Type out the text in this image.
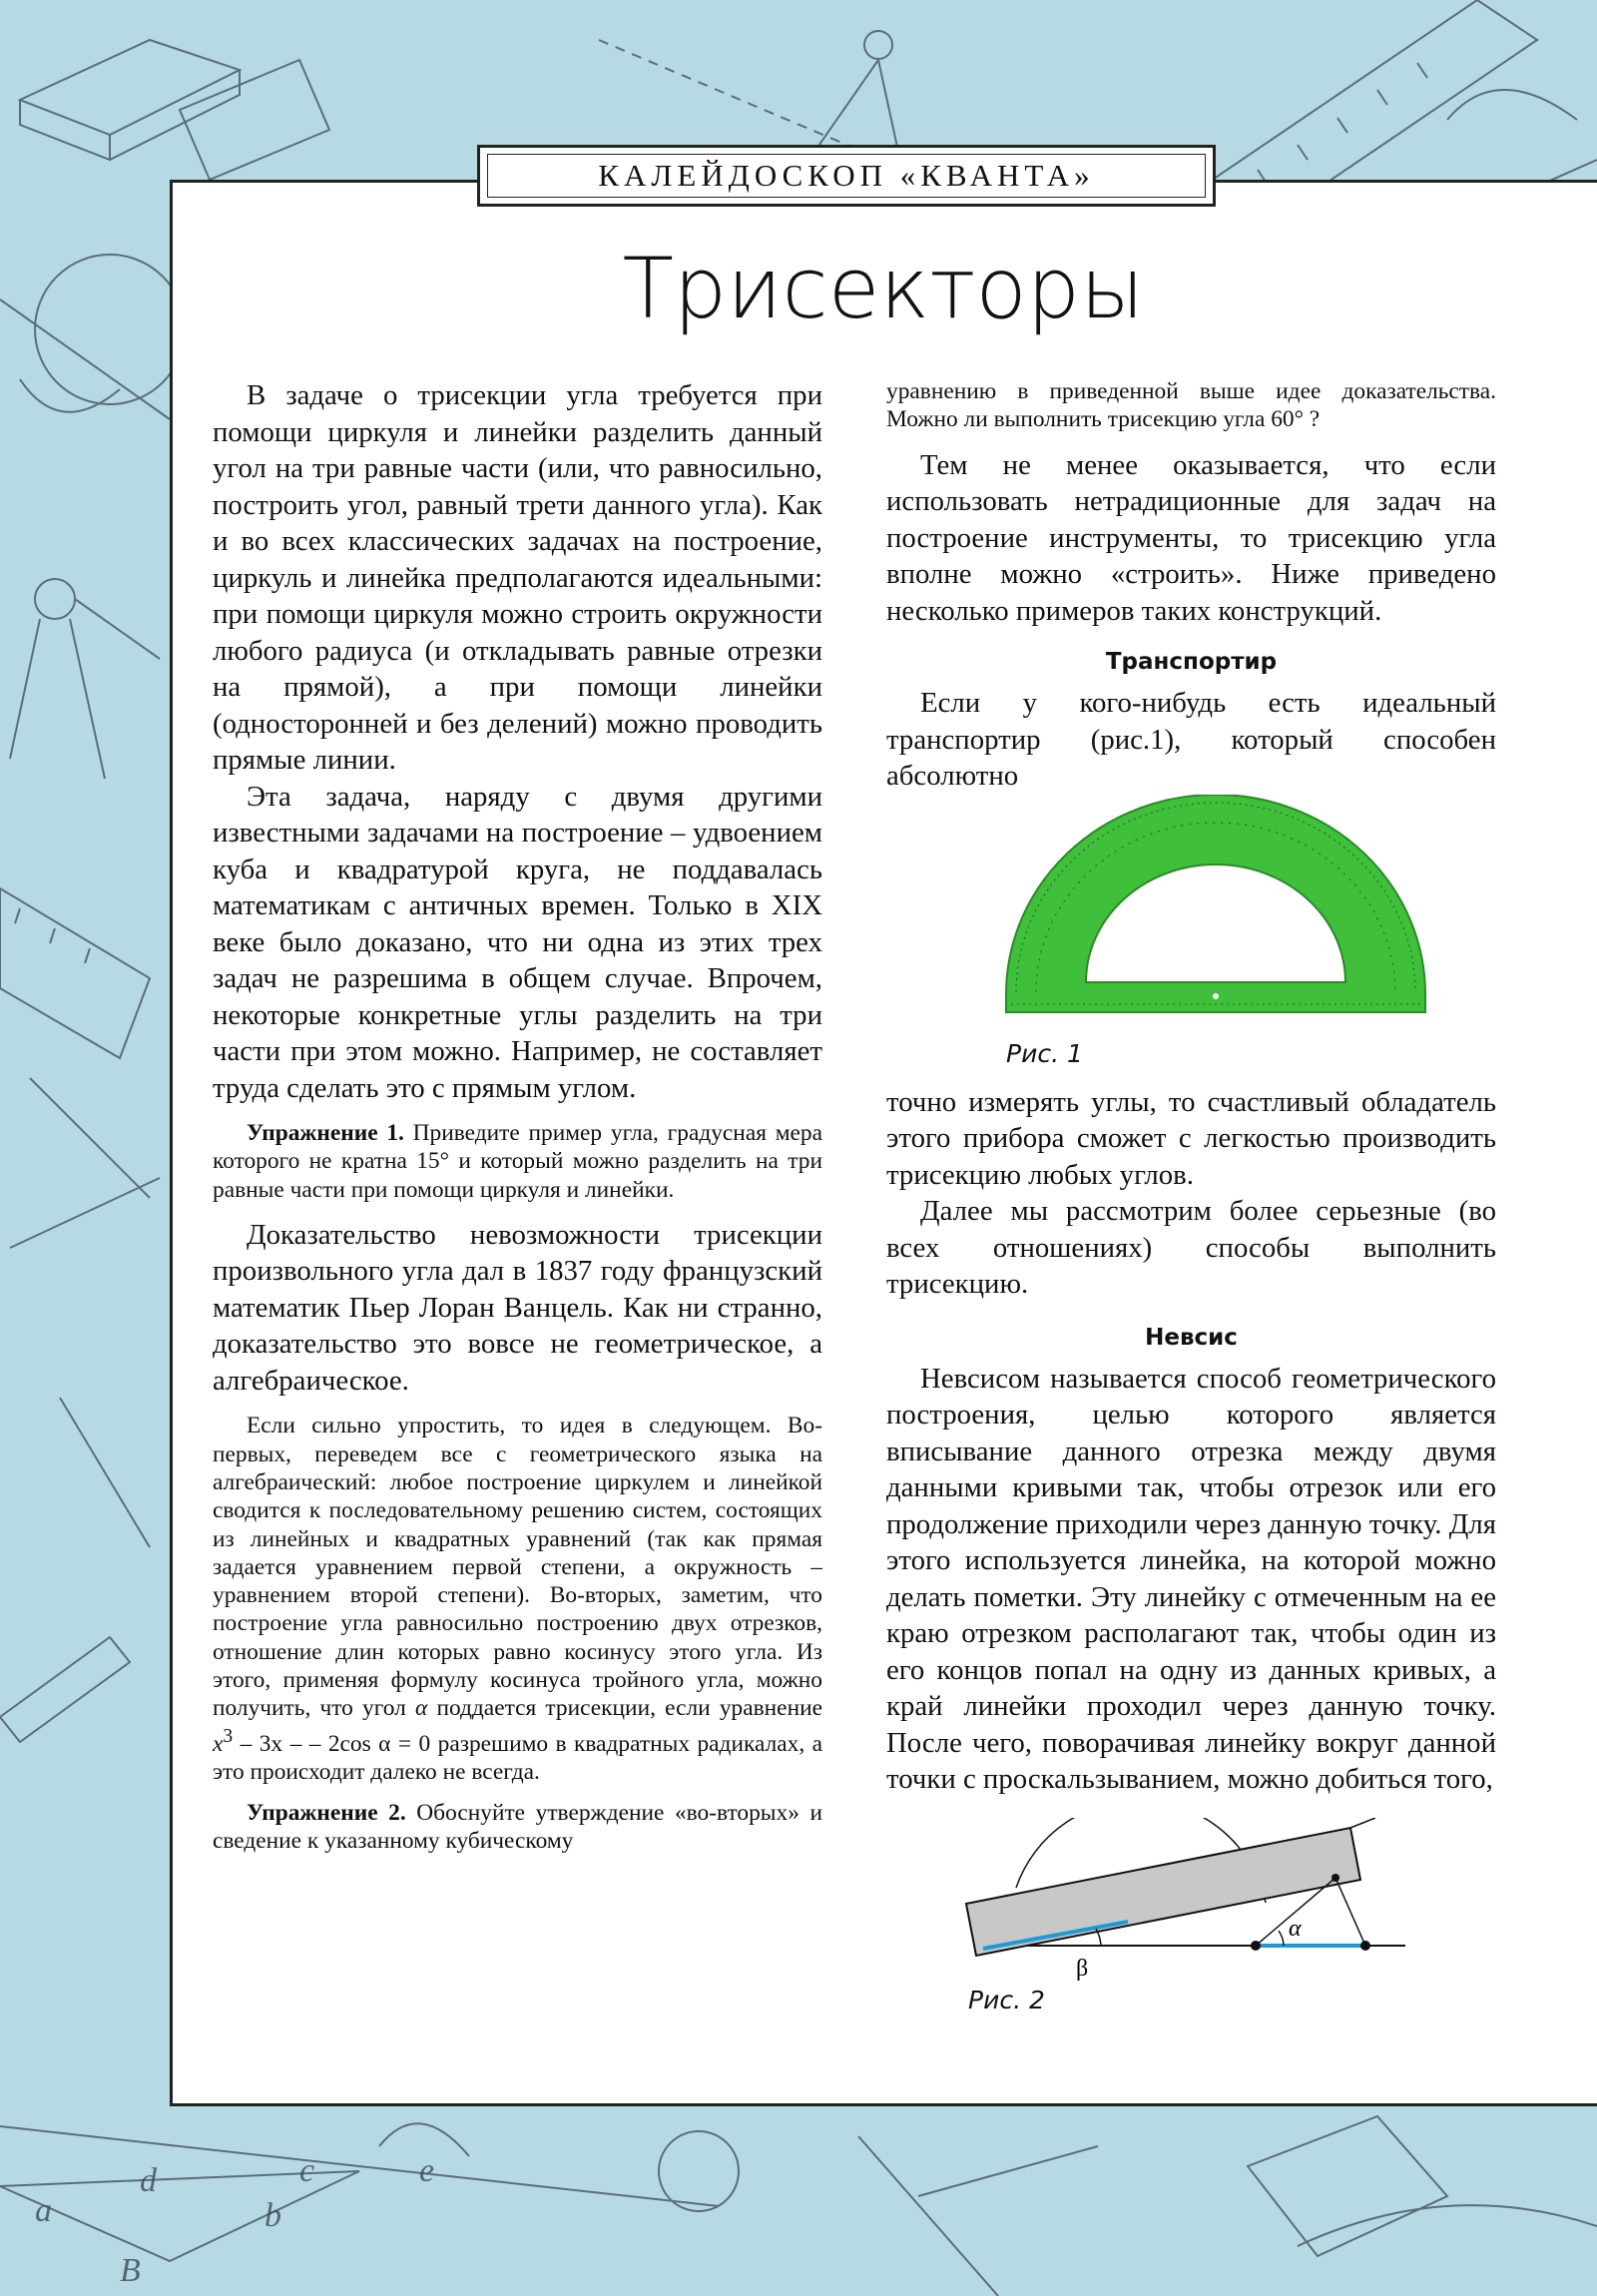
a
d	c	e
b
B
КАЛЕЙДОСКОП «КВАНТА»
Трисекторы

В задаче о трисекции угла требуется при помощи циркуля и линейки разделить данный угол на три равные части (или, что равносильно, построить угол, равный трети данного угла). Как и во всех классических задачах на построение, циркуль и линейка предполагаются идеальными: при помощи циркуля можно строить окружности любого радиуса (и откладывать равные отрезки на прямой), а при помощи линейки (односторонней и без делений) можно проводить прямые линии.

Эта задача, наряду с двумя другими известными задачами на построение – удвоением куба и квадратурой круга, не поддавалась математикам с античных времен. Только в XIX веке было доказано, что ни одна из этих трех задач не разрешима в общем случае. Впрочем, некоторые конкретные углы разделить на три части при этом можно. Например, не составляет труда сделать это с прямым углом.

Упражнение 1. Приведите пример угла, градусная мера которого не кратна 15° и который можно разделить на три равные части при помощи циркуля и линейки.

Доказательство невозможности трисекции произвольного угла дал в 1837 году французский математик Пьер Лоран Ванцель. Как ни странно, доказательство это вовсе не геометрическое, а алгебраическое.

Если сильно упростить, то идея в следующем. Во-первых, переведем все с геометрического языка на алгебраический: любое построение циркулем и линейкой сводится к последовательному решению систем, состоящих из линейных и квадратных уравнений (так как прямая задается уравнением первой степени, а окружность – уравнением второй степени). Во-вторых, заметим, что построение угла равносильно построению двух отрезков, отношение длин которых равно косинусу этого угла. Из этого, применяя формулу косинуса тройного угла, можно получить, что угол α поддается трисекции, если уравнение $x^3 - 3x$ – – 2cos α = 0 разрешимо в квадратных радикалах, а это происходит далеко не всегда.

Упражнение 2. Обоснуйте утверждение «во-вторых» и сведение к указанному кубическому

уравнению в приведенной выше идее доказательства. Можно ли выполнить трисекцию угла 60° ?

Тем не менее оказывается, что если использовать нетрадиционные для задач на построение инструменты, то трисекцию угла вполне можно «строить». Ниже приведено несколько примеров таких конструкций.

Транспортир

Если у кого-нибудь есть идеальный транспортир (рис.1), который способен абсолютно

Рис. 1

точно измерять углы, то счастливый обладатель этого прибора сможет с легкостью производить трисекцию любых углов.

Далее мы рассмотрим более серьезные (во всех отношениях) способы выполнить трисекцию.

Невсис

Невсисом называется способ геометрического построения, целью которого является вписывание данного отрезка между двумя данными кривыми так, чтобы отрезок или его продолжение приходили через данную точку. Для этого используется линейка, на которой можно делать пометки. Эту линейку с отмеченным на ее краю отрезком располагают так, чтобы один из его концов попал на одну из данных кривых, а край линейки проходил через данную точку. После чего, поворачивая линейку вокруг данной точки с проскальзыванием, можно добиться того,

α
β
Рис. 2
